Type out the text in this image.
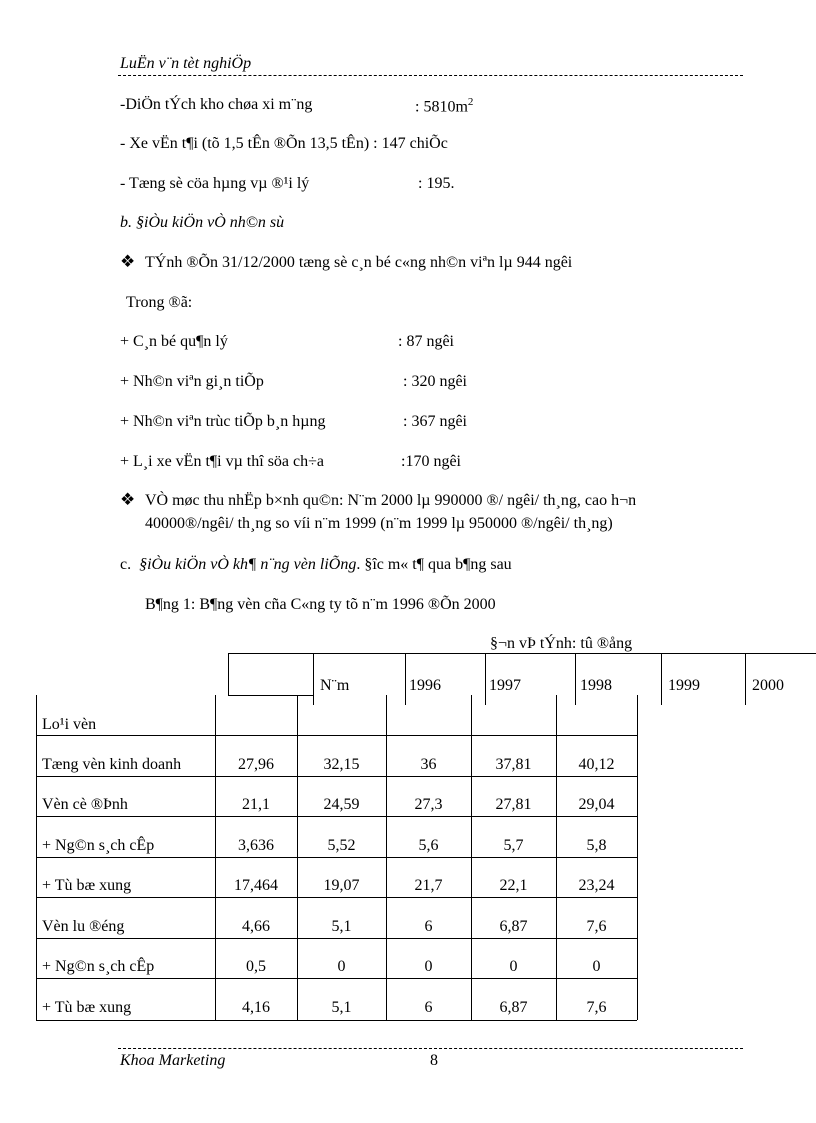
LuËn v¨n tèt nghiÖp
-DiÖn tÝch kho chøa xi m¨ng	: $5810m^2$
- Xe vËn t¶i (tõ 1,5 tÊn ®Õn 13,5 tÊn) : 147 chiÕc
- Tæng sè cöa hµng vµ ®¹i lý	: 195.
b. §iÒu kiÖn vÒ nh©n sù
❖ TÝnh ®Õn 31/12/2000 tæng sè c¸n bé c«ng nh©n viªn lµ 944 ngêi
Trong ®ã:
+ C¸n bé qu¶n lý	: 87 ngêi
+ Nh©n viªn gi¸n tiÕp	: 320 ngêi
+ Nh©n viªn trùc tiÕp b¸n hµng	: 367 ngêi
+ L¸i xe vËn t¶i vµ thî söa ch÷a	:170 ngêi
❖ VÒ møc thu nhËp b×nh qu©n: N¨m 2000 lµ 990000 ®/ ngêi/ th¸ng, cao h¬n
40000®/ngêi/ th¸ng so víi n¨m 1999 (n¨m 1999 lµ 950000 ®/ngêi/ th¸ng)
c. §iÒu kiÖn vÒ kh¶ n¨ng vèn liÕng. §îc m« t¶ qua b¶ng sau
B¶ng 1: B¶ng vèn cña C«ng ty tõ n¨m 1996 ®Õn 2000
§¬n vÞ tÝnh: tû ®ång
N¨m	1996	1997	1998	1999	2000
Lo¹i vèn
Tæng vèn kinh doanh	27,96	32,15	36	37,81	40,12
Vèn cè ®Þnh	21,1	24,59	27,3	27,81	29,04
+ Ng©n s¸ch cÊp	3,636	5,52	5,6	5,7	5,8
+ Tù bæ xung	17,464	19,07	21,7	22,1	23,24
Vèn lu ®éng	4,66	5,1	6	6,87	7,6
+ Ng©n s¸ch cÊp	0,5	0	0	0	0
+ Tù bæ xung	4,16	5,1	6	6,87	7,6
Khoa Marketing	8
